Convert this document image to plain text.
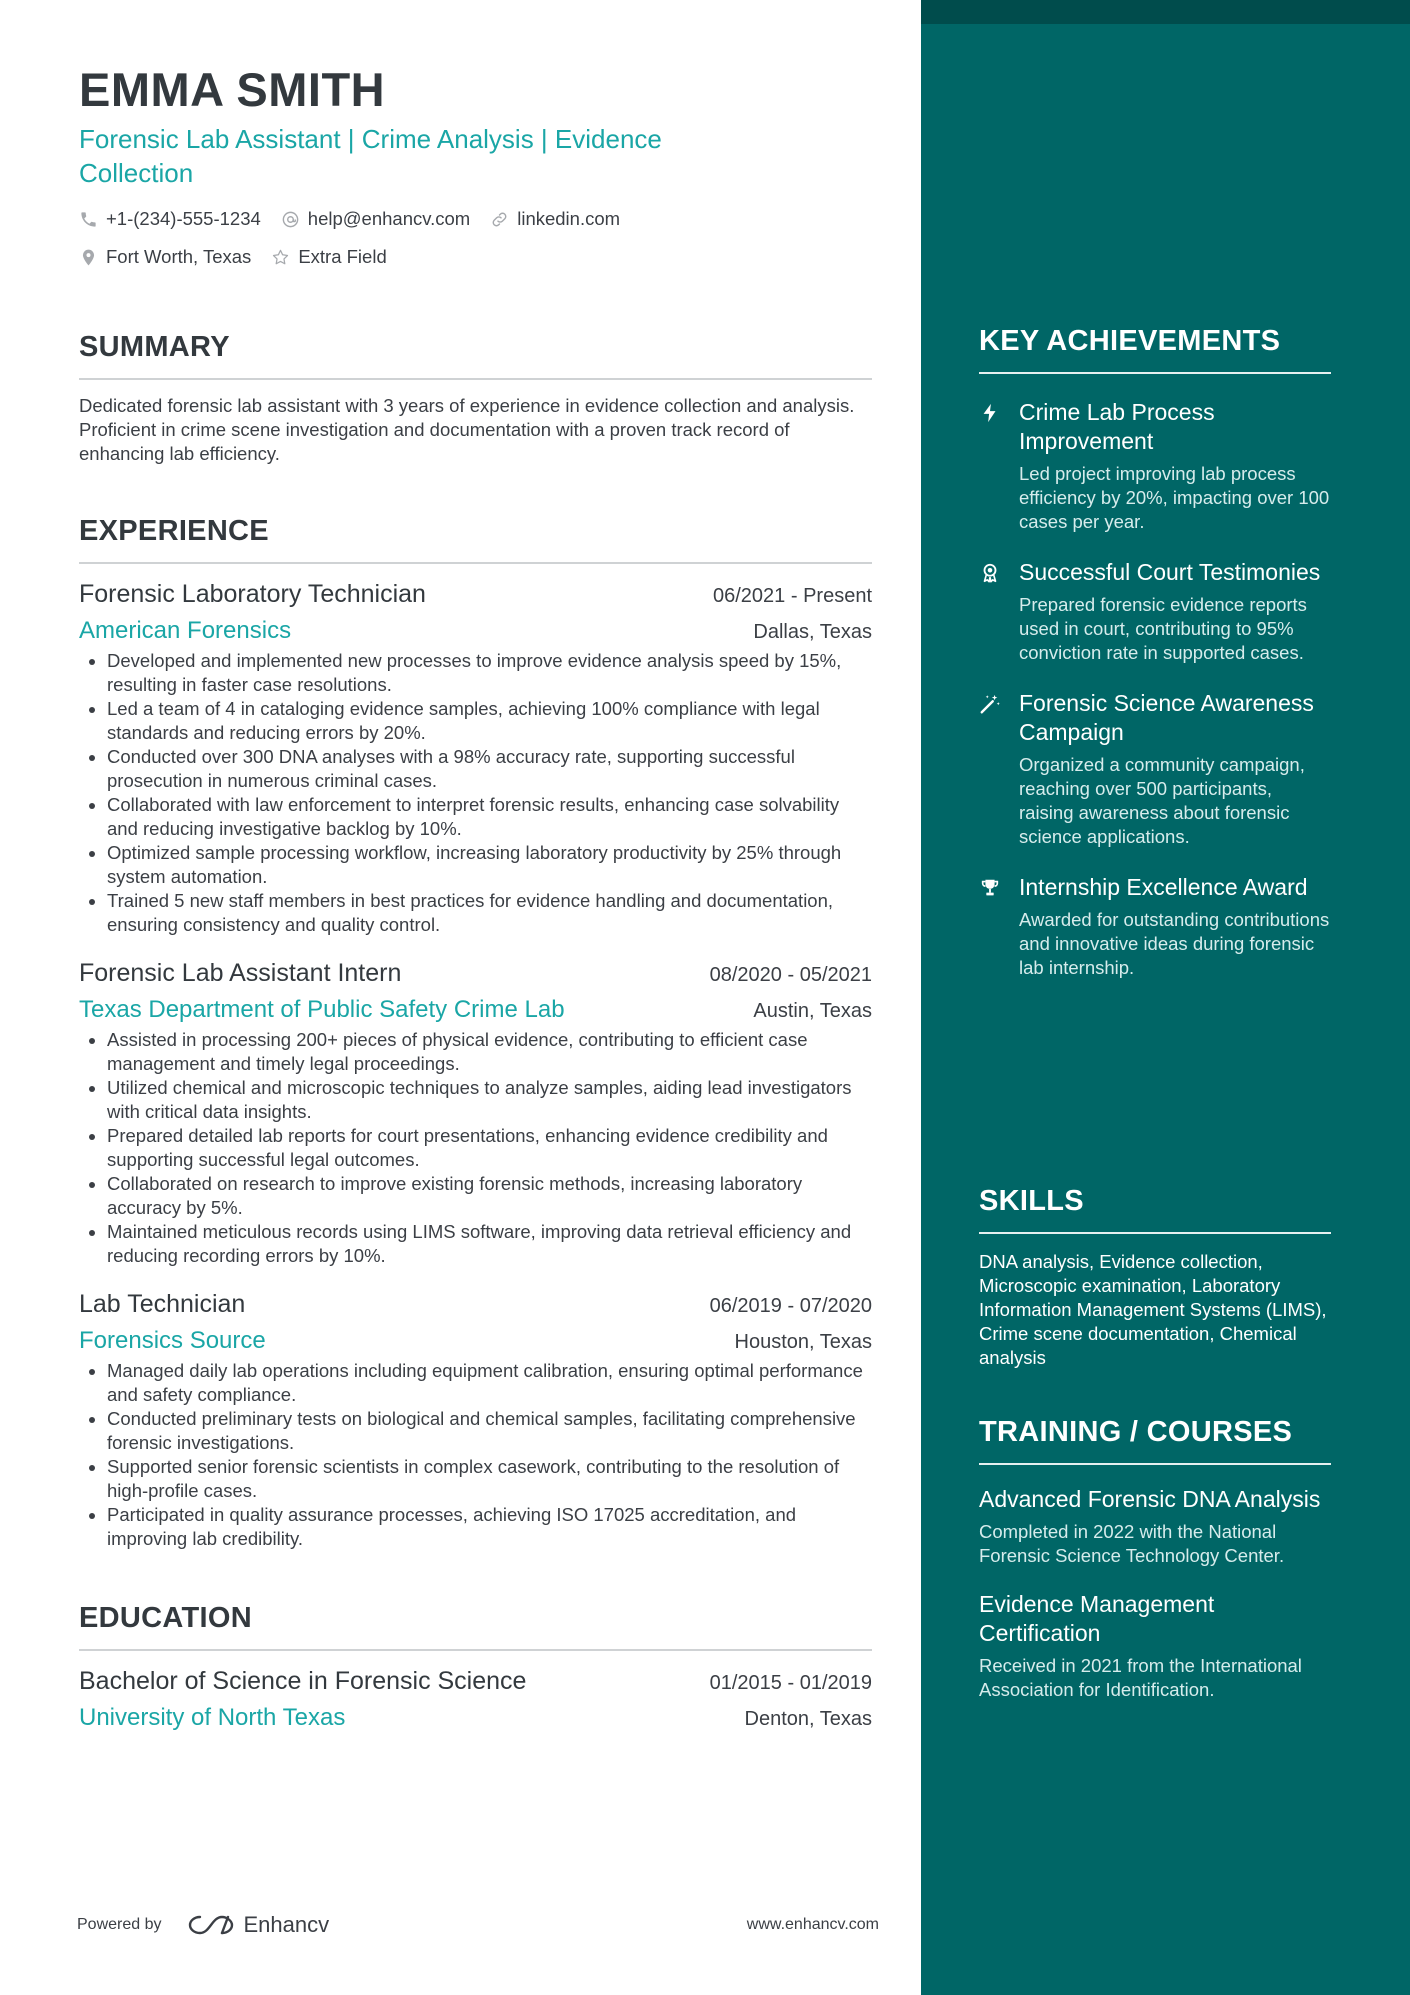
EMMA SMITH
Forensic Lab Assistant | Crime Analysis | Evidence Collection
+1-(234)-555-1234	help@enhancv.com	linkedin.com
Fort Worth, Texas	Extra Field
SUMMARY
Dedicated forensic lab assistant with 3 years of experience in evidence collection and analysis. Proficient in crime scene investigation and documentation with a proven track record of enhancing lab efficiency.
EXPERIENCE
Forensic Laboratory Technician	06/2021 - Present
American Forensics	Dallas, Texas
• Developed and implemented new processes to improve evidence analysis speed by 15%, resulting in faster case resolutions.
• Led a team of 4 in cataloging evidence samples, achieving 100% compliance with legal standards and reducing errors by 20%.
• Conducted over 300 DNA analyses with a 98% accuracy rate, supporting successful prosecution in numerous criminal cases.
• Collaborated with law enforcement to interpret forensic results, enhancing case solvability and reducing investigative backlog by 10%.
• Optimized sample processing workflow, increasing laboratory productivity by 25% through system automation.
• Trained 5 new staff members in best practices for evidence handling and documentation, ensuring consistency and quality control.
Forensic Lab Assistant Intern	08/2020 - 05/2021
Texas Department of Public Safety Crime Lab	Austin, Texas
• Assisted in processing 200+ pieces of physical evidence, contributing to efficient case management and timely legal proceedings.
• Utilized chemical and microscopic techniques to analyze samples, aiding lead investigators with critical data insights.
• Prepared detailed lab reports for court presentations, enhancing evidence credibility and supporting successful legal outcomes.
• Collaborated on research to improve existing forensic methods, increasing laboratory accuracy by 5%.
• Maintained meticulous records using LIMS software, improving data retrieval efficiency and reducing recording errors by 10%.
Lab Technician	06/2019 - 07/2020
Forensics Source	Houston, Texas
• Managed daily lab operations including equipment calibration, ensuring optimal performance and safety compliance.
• Conducted preliminary tests on biological and chemical samples, facilitating comprehensive forensic investigations.
• Supported senior forensic scientists in complex casework, contributing to the resolution of high-profile cases.
• Participated in quality assurance processes, achieving ISO 17025 accreditation, and improving lab credibility.
EDUCATION
Bachelor of Science in Forensic Science	01/2015 - 01/2019
University of North Texas	Denton, Texas
KEY ACHIEVEMENTS
Crime Lab Process Improvement
Led project improving lab process efficiency by 20%, impacting over 100 cases per year.
Successful Court Testimonies
Prepared forensic evidence reports used in court, contributing to 95% conviction rate in supported cases.
Forensic Science Awareness Campaign
Organized a community campaign, reaching over 500 participants, raising awareness about forensic science applications.
Internship Excellence Award
Awarded for outstanding contributions and innovative ideas during forensic lab internship.
SKILLS
DNA analysis, Evidence collection, Microscopic examination, Laboratory Information Management Systems (LIMS), Crime scene documentation, Chemical analysis
TRAINING / COURSES
Advanced Forensic DNA Analysis
Completed in 2022 with the National Forensic Science Technology Center.
Evidence Management Certification
Received in 2021 from the International Association for Identification.
Powered by	Enhancv	www.enhancv.com
